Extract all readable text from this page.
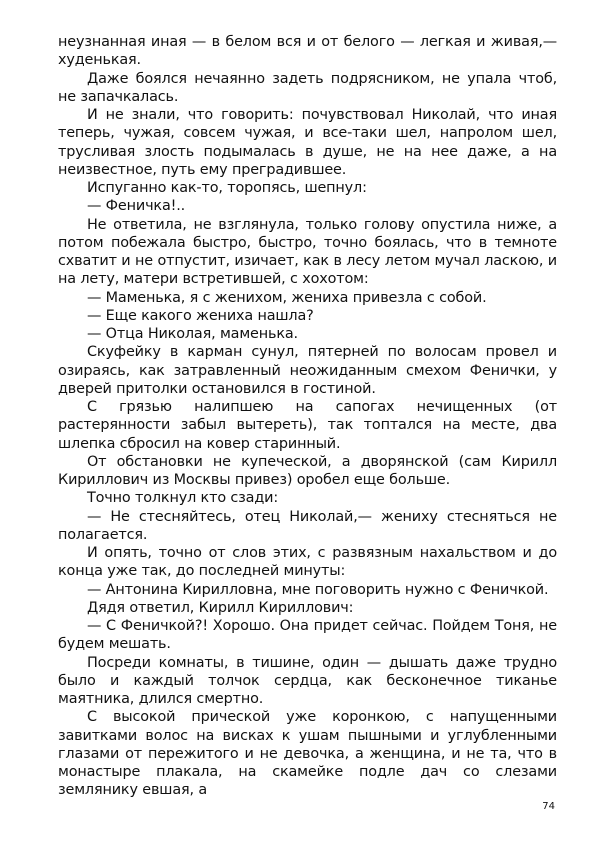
неузнанная иная — в белом вся и от белого — легкая и живая,— худенькая.

Даже боялся нечаянно задеть подрясником, не упала чтоб, не запачкалась.

И не знали, что говорить: почувствовал Николай, что иная теперь, чужая, совсем чужая, и все-таки шел, напролом шел, трусливая злость подымалась в душе, не на нее даже, а на неизвестное, путь ему преградившее.

Испуганно как-то, торопясь, шепнул:

— Феничка!..

Не ответила, не взглянула, только голову опустила ниже, а потом побежала быстро, быстро, точно боялась, что в темноте схватит и не отпустит, изичает, как в лесу летом мучал ласкою, и на лету, матери встретившей, с хохотом:

— Маменька, я с женихом, жениха привезла с собой.

— Еще какого жениха нашла?

— Отца Николая, маменька.

Скуфейку в карман сунул, пятерней по волосам провел и озираясь, как затравленный неожиданным смехом Фенички, у дверей притолки остановился в гостиной.

С грязью налипшею на сапогах нечищенных (от растерянности забыл вытереть), так топтался на месте, два шлепка сбросил на ковер старинный.

От обстановки не купеческой, а дворянской (сам Кирилл Кириллович из Москвы привез) оробел еще больше.

Точно толкнул кто сзади:

— Не стесняйтесь, отец Николай,— жениху стесняться не полагается.

И опять, точно от слов этих, с развязным нахальством и до конца уже так, до последней минуты:

— Антонина Кирилловна, мне поговорить нужно с Феничкой.

Дядя ответил, Кирилл Кириллович:

— С Феничкой?! Хорошо. Она придет сейчас. Пойдем Тоня, не будем мешать.

Посреди комнаты, в тишине, один — дышать даже трудно было и каждый толчок сердца, как бесконечное тиканье маятника, длился смертно.

С высокой прической уже коронкою, с напущенными завитками волос на висках к ушам пышными и углубленными глазами от пережитого и не девочка, а женщина, и не та, что в монастыре плакала, на скамейке подле дач со слезами землянику евшая, а

74
